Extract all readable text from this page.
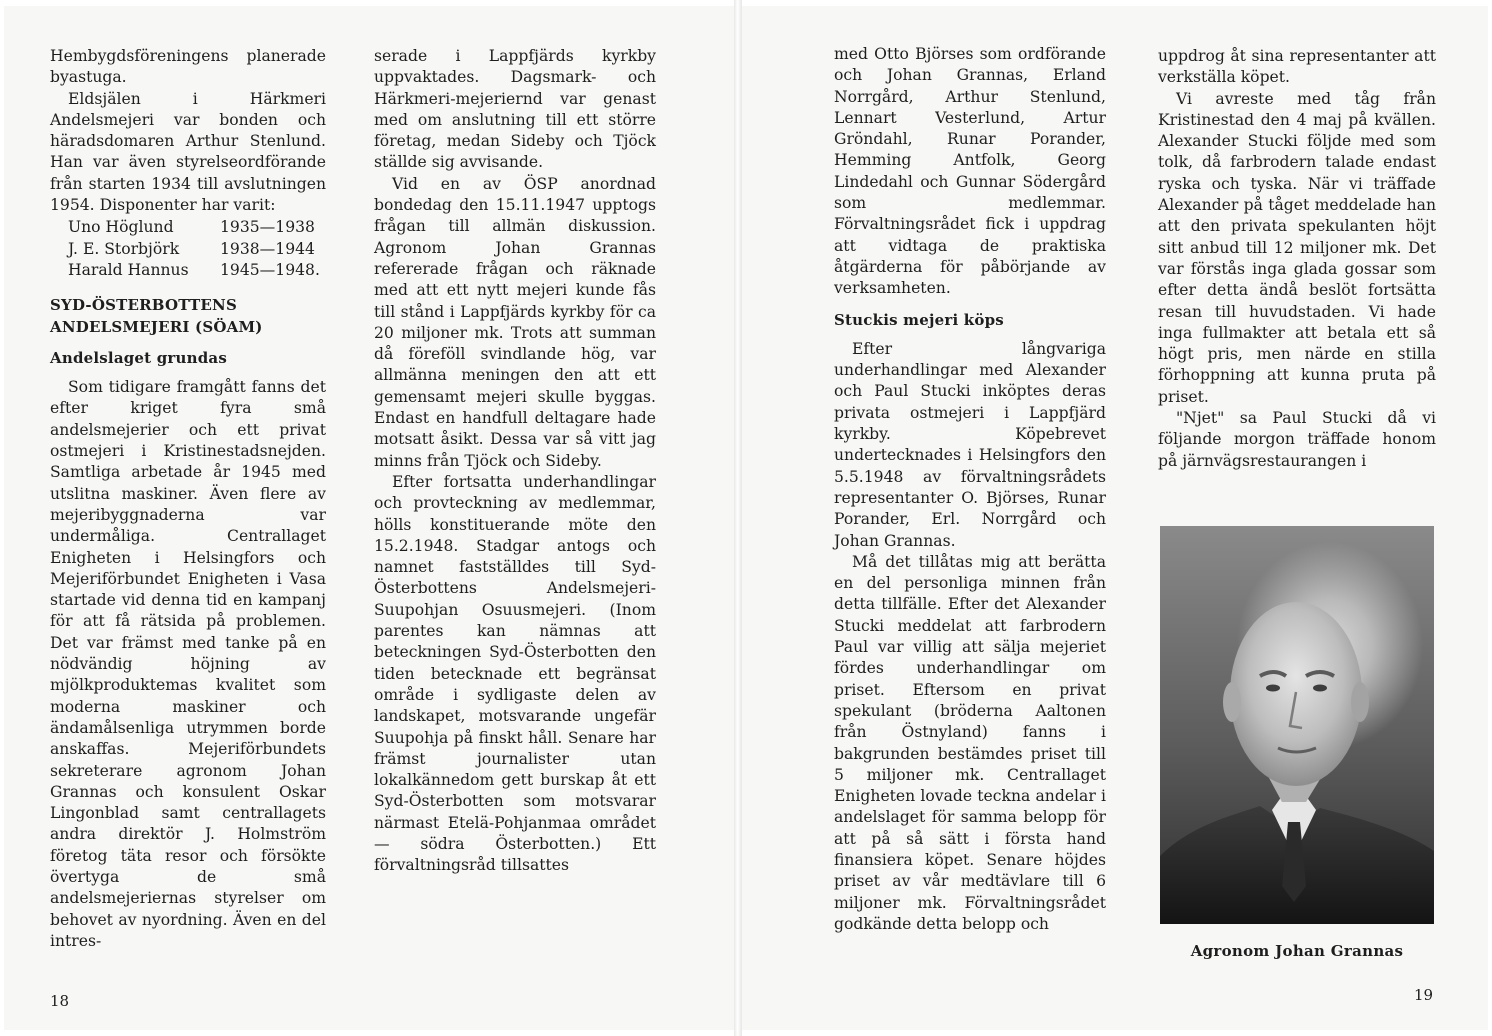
Hembygdsföreningens planerade byastuga.

Eldsjälen i Härkmeri Andelsmejeri var bonden och häradsdomaren Arthur Stenlund. Han var även styrelseordförande från starten 1934 till avslutningen 1954. Disponenter har varit:

Uno Höglund	1935—1938
J. E. Storbjörk	1938—1944
Harald Hannus	1945—1948.

SYD-ÖSTERBOTTENS
ANDELSMEJERI (SÖAM)

Andelslaget grundas

Som tidigare framgått fanns det efter kriget fyra små andelsmejerier och ett privat ostmejeri i Kristinestadsnejden. Samtliga arbetade år 1945 med utslitna maskiner. Även flere av mejeribyggnaderna var undermåliga. Centrallaget Enigheten i Helsingfors och Mejeriförbundet Enigheten i Vasa startade vid denna tid en kampanj för att få rätsida på problemen. Det var främst med tanke på en nödvändig höjning av mjölkproduktemas kvalitet som moderna maskiner och ändamålsenliga utrymmen borde anskaffas. Mejeriförbundets sekreterare agronom Johan Grannas och konsulent Oskar Lingonblad samt centrallagets andra direktör J. Holmström företog täta resor och försökte övertyga de små andelsmejeriernas styrelser om behovet av nyordning. Även en del intres-

serade i Lappfjärds kyrkby uppvaktades. Dagsmark- och Härkmeri-mejeriernd var genast med om anslutning till ett större företag, medan Sideby och Tjöck ställde sig avvisande.

Vid en av ÖSP anordnad bondedag den 15.11.1947 upptogs frågan till allmän diskussion. Agronom Johan Grannas refererade frågan och räknade med att ett nytt mejeri kunde fås till stånd i Lappfjärds kyrkby för ca 20 miljoner mk. Trots att summan då föreföll svindlande hög, var allmänna meningen den att ett gemensamt mejeri skulle byggas. Endast en handfull deltagare hade motsatt åsikt. Dessa var så vitt jag minns från Tjöck och Sideby.

Efter fortsatta underhandlingar och provteckning av medlemmar, hölls konstituerande möte den 15.2.1948. Stadgar antogs och namnet fastställdes till Syd-Österbottens Andelsmejeri-Suupohjan Osuusmejeri. (Inom parentes kan nämnas att beteckningen Syd-Österbotten den tiden betecknade ett begränsat område i sydligaste delen av landskapet, motsvarande ungefär Suupohja på finskt håll. Senare har främst journalister utan lokalkännedom gett burskap åt ett Syd-Österbotten som motsvarar närmast Etelä-Pohjanmaa området — södra Österbotten.) Ett förvaltningsråd tillsattes

18

med Otto Björses som ordförande och Johan Grannas, Erland Norrgård, Arthur Stenlund, Lennart Vesterlund, Artur Gröndahl, Runar Porander, Hemming Antfolk, Georg Lindedahl och Gunnar Södergård som medlemmar. Förvaltningsrådet fick i uppdrag att vidtaga de praktiska åtgärderna för påbörjande av verksamheten.

Stuckis mejeri köps

Efter långvariga underhandlingar med Alexander och Paul Stucki inköptes deras privata ostmejeri i Lappfjärd kyrkby. Köpebrevet undertecknades i Helsingfors den 5.5.1948 av förvaltningsrådets representanter O. Björses, Runar Porander, Erl. Norrgård och Johan Grannas.

Må det tillåtas mig att berätta en del personliga minnen från detta tillfälle. Efter det Alexander Stucki meddelat att farbrodern Paul var villig att sälja mejeriet fördes underhandlingar om priset. Eftersom en privat spekulant (bröderna Aaltonen från Östnyland) fanns i bakgrunden bestämdes priset till 5 miljoner mk. Centrallaget Enigheten lovade teckna andelar i andelslaget för samma belopp för att på så sätt i första hand finansiera köpet. Senare höjdes priset av vår medtävlare till 6 miljoner mk. Förvaltningsrådet godkände detta belopp och

uppdrog åt sina representanter att verkställa köpet.

Vi avreste med tåg från Kristinestad den 4 maj på kvällen. Alexander Stucki följde med som tolk, då farbrodern talade endast ryska och tyska. När vi träffade Alexander på tåget meddelade han att den privata spekulanten höjt sitt anbud till 12 miljoner mk. Det var förstås inga glada gossar som efter detta ändå beslöt fortsätta resan till huvudstaden. Vi hade inga fullmakter att betala ett så högt pris, men närde en stilla förhoppning att kunna pruta på priset.

"Njet" sa Paul Stucki då vi följande morgon träffade honom på järnvägsrestaurangen i

Agronom Johan Grannas
19
